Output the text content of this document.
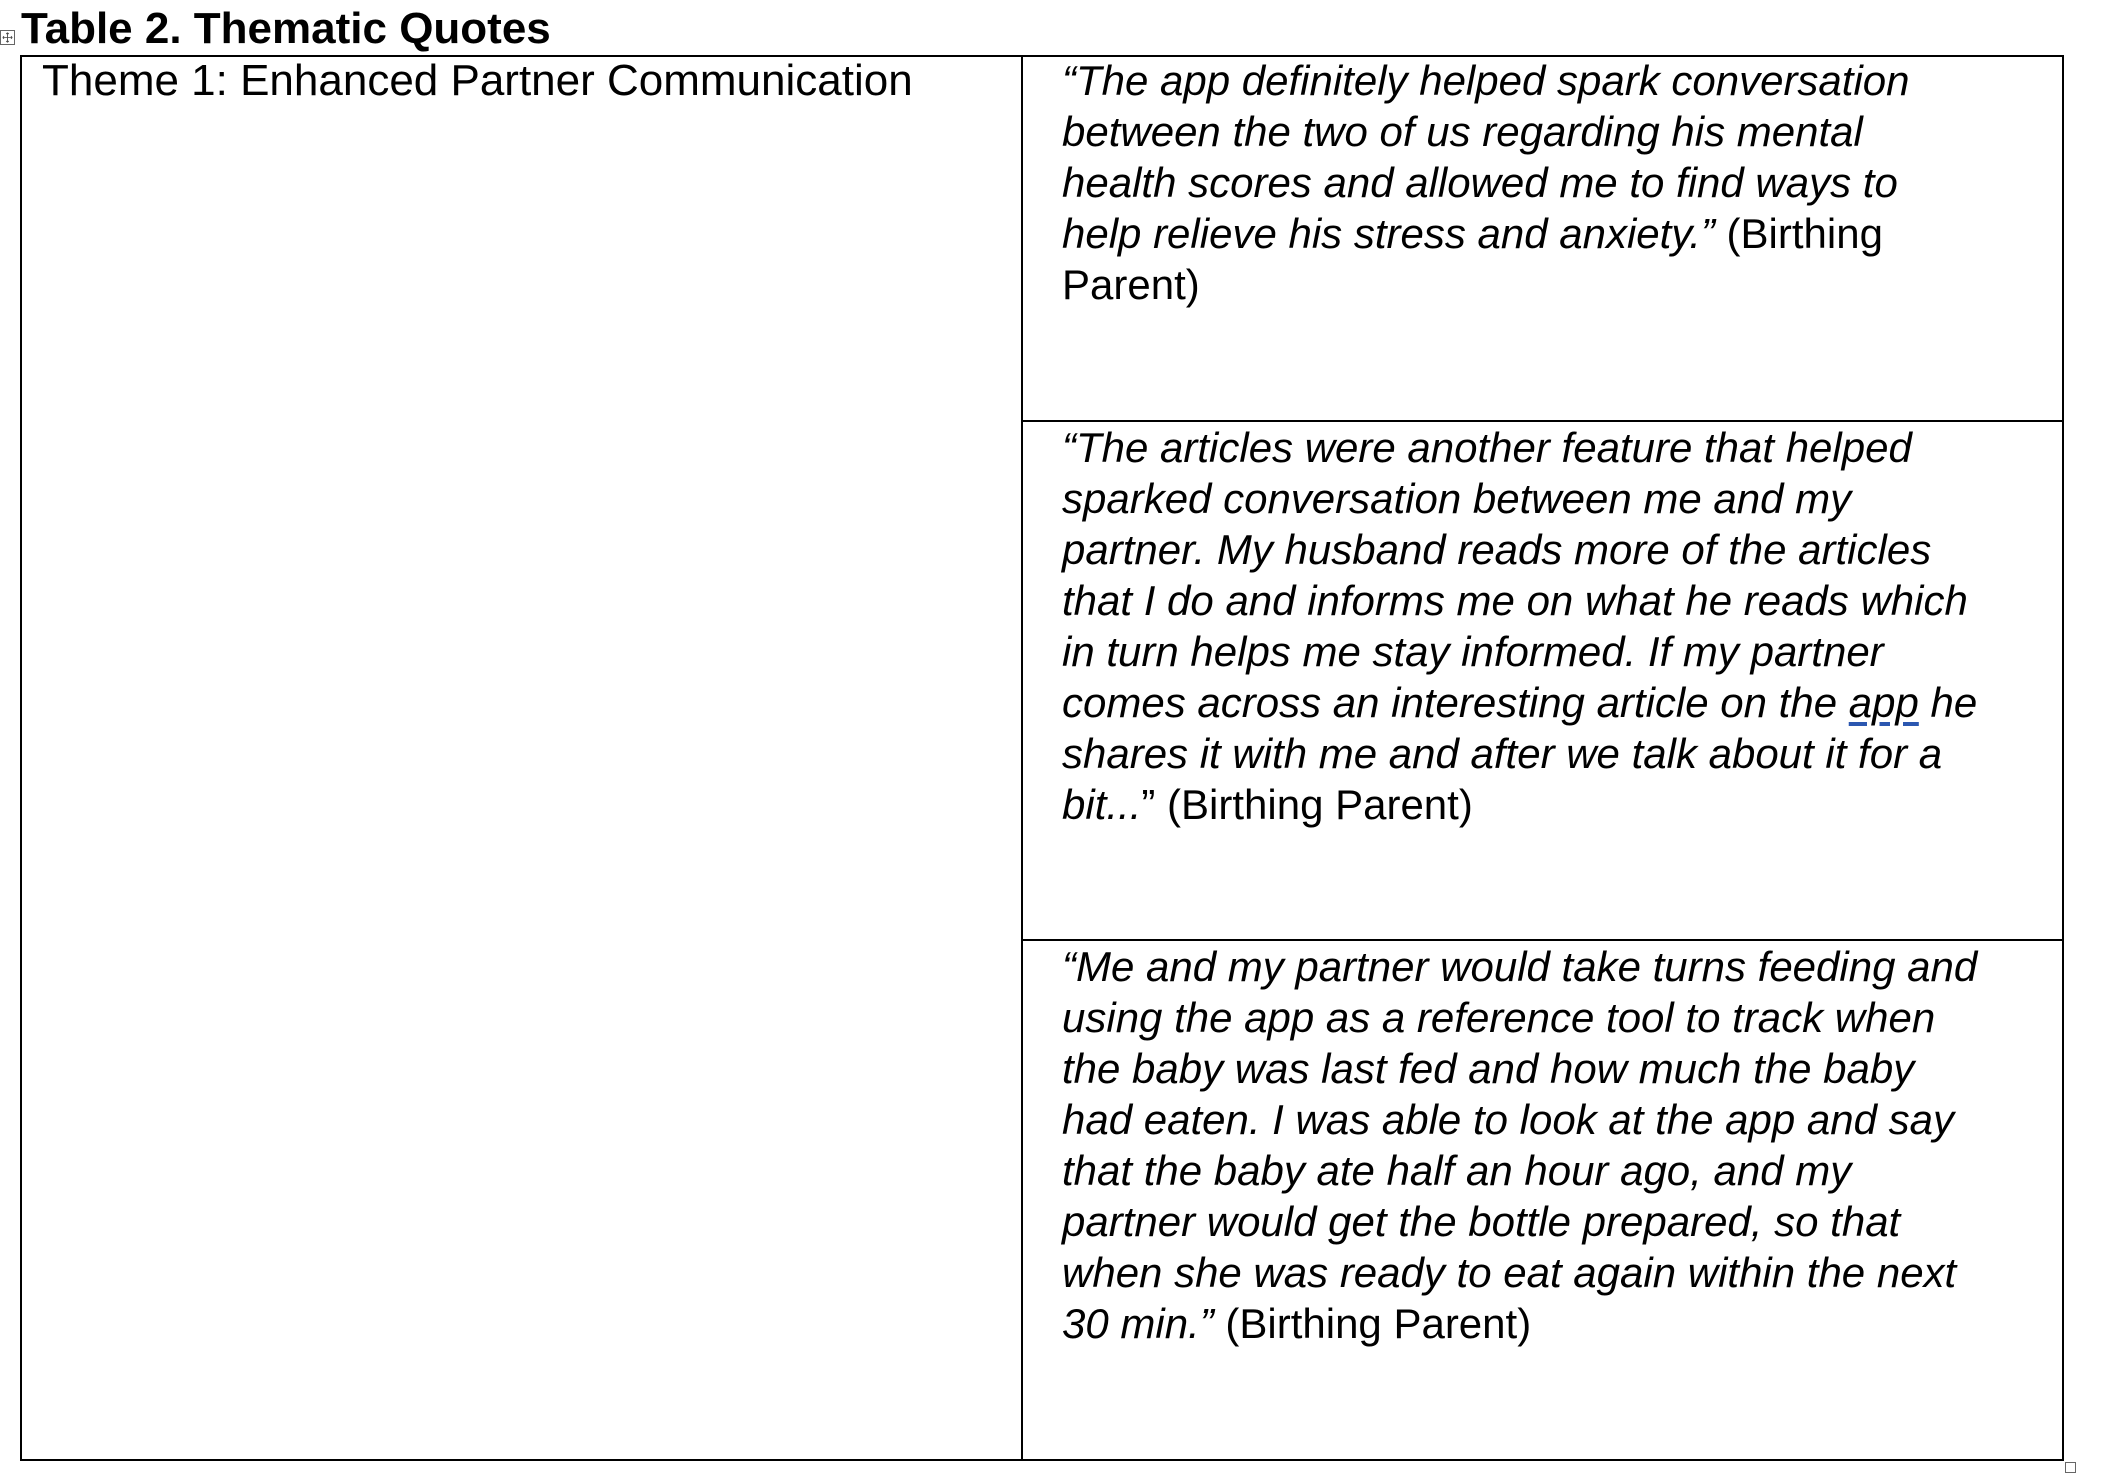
Table 2. Thematic Quotes
Theme 1: Enhanced Partner Communication	“The app definitely helped spark conversation
between the two of us regarding his mental
health scores and allowed me to find ways to
help relieve his stress and anxiety.” (Birthing
Parent)
“The articles were another feature that helped
sparked conversation between me and my
partner. My husband reads more of the articles
that I do and informs me on what he reads which
in turn helps me stay informed. If my partner
comes across an interesting article on the app he
shares it with me and after we talk about it for a
bit...” (Birthing Parent)
“Me and my partner would take turns feeding and
using the app as a reference tool to track when
the baby was last fed and how much the baby
had eaten. I was able to look at the app and say
that the baby ate half an hour ago, and my
partner would get the bottle prepared, so that
when she was ready to eat again within the next
30 min.” (Birthing Parent)
